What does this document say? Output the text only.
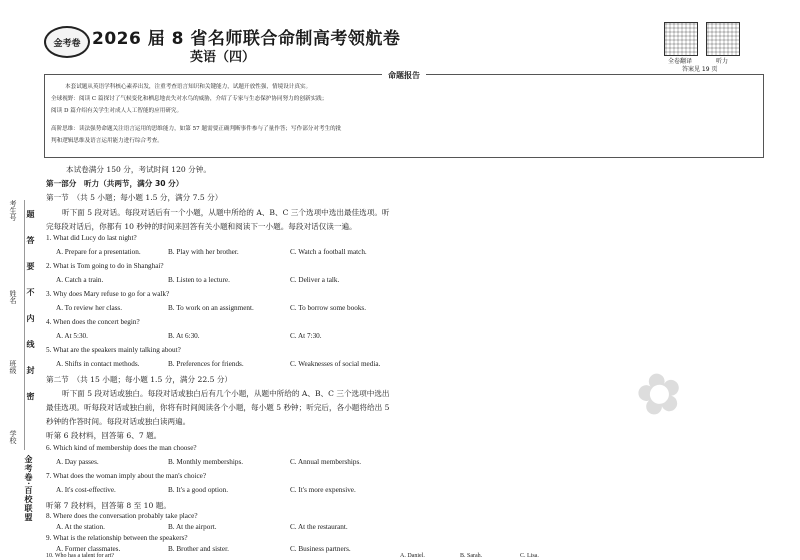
金考卷 2026 届 8 省名师联合命制高考领航卷
英语（四）	全卷翻译	听力
答案见 19 页
命题报告
本套试题从英语学科核心素养出发，注重考查语言知识和关键能力，试题开放性强，情境设计真实。
全球视野：阅读 C 篇探讨了气候变化和栖息地丧失对水鸟的威胁，介绍了专家与生态保护协同努力的创新实践；
阅读 D 篇介绍有关学生对成人人工智能的应用研究。
高阶思维：读法强势命题关注语言运用的思维能力，如第 57 题需要正确判断事件参与了量作答；写作部分对考生的批
判和逻辑思维及语言运用能力进行综合考查。
本试卷满分 150 分，考试时间 120 分钟。
第一部分　听力（共两节，满分 30 分）
第一节　（共 5 小题；每小题 1.5 分，满分 7.5 分）
听下面 5 段对话。每段对话后有一个小题，从题中所给的 A、B、C 三个选项中选出最佳选项。听
完每段对话后，你都有 10 秒钟的时间来回答有关小题和阅读下一小题。每段对话仅读一遍。
1. What did Lucy do last night?
A. Prepare for a presentation.	B. Play with her brother.	C. Watch a football match.
2. What is Tom going to do in Shanghai?
A. Catch a train.	B. Listen to a lecture.	C. Deliver a talk.
3. Why does Mary refuse to go for a walk?
A. To review her class.	B. To work on an assignment.	C. To borrow some books.
4. When does the concert begin?
A. At 5:30.	B. At 6:30.	C. At 7:30.
5. What are the speakers mainly talking about?
A. Shifts in contact methods.	B. Preferences for friends.	C. Weaknesses of social media.
第二节　（共 15 小题；每小题 1.5 分，满分 22.5 分）
听下面 5 段对话或独白。每段对话或独白后有几个小题，从题中所给的 A、B、C 三个选项中选出
最佳选项。听每段对话或独白前，你将有时间阅读各个小题，每小题 5 秒钟；听完后，各小题将给出 5
秒钟的作答时间。每段对话或独白读两遍。
听第 6 段材料，回答第 6、7 题。
6. Which kind of membership does the man choose?
A. Day passes.	B. Monthly memberships.	C. Annual memberships.
7. What does the woman imply about the man's choice?
A. It's cost-effective.	B. It's a good option.	C. It's more expensive.
听第 7 段材料，回答第 8 至 10 题。
8. Where does the conversation probably take place?
A. At the station.	B. At the airport.	C. At the restaurant.
9. What is the relationship between the speakers?
A. Former classmates.	B. Brother and sister.	C. Business partners.
10. Who has a talent for art?	A. Daniel.	B. Sarah.	C. Lisa.
✿
考生号
姓名
班级
学校
题
答
要
不
内
线
封
密
金考卷·百校联盟
